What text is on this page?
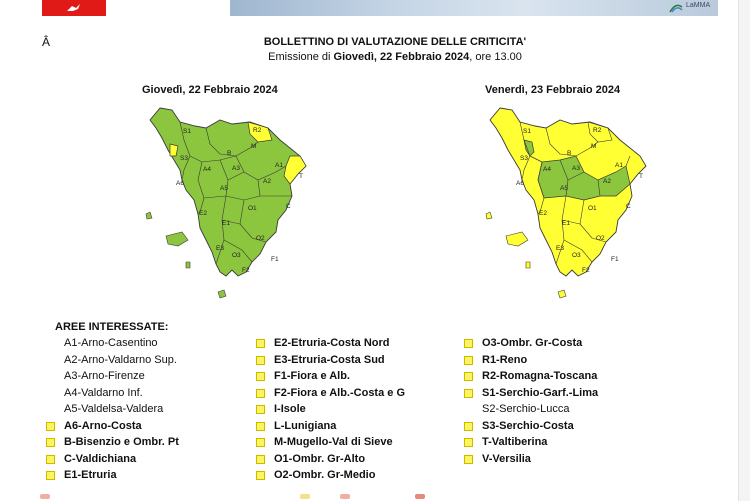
LaMMA
Â	BOLLETTINO DI VALUTAZIONE DELLE CRITICITA'
Emissione di Giovedì, 22 Febbraio 2024, ore 13.00
Giovedì, 22 Febbraio 2024	Venerdì, 23 Febbraio 2024
S1	R2
B
M
S3
A4	A3	A1
A6
A5
A2
T
E2
O1	C
E1
O2
E3
O3
F1
F2
S1	R2
B
M
S3
A4	A3	A1
A6
A5
A2
T
E2
O1	C
E1
O2
E3
O3
F1
F2
AREE INTERESSATE:
A1-Arno-Casentino
A2-Arno-Valdarno Sup.
A3-Arno-Firenze
A4-Valdarno Inf.
A5-Valdelsa-Valdera
A6-Arno-Costa
B-Bisenzio e Ombr. Pt
C-Valdichiana
E1-Etruria
E2-Etruria-Costa Nord
E3-Etruria-Costa Sud
F1-Fiora e Alb.
F2-Fiora e Alb.-Costa e G
I-Isole
L-Lunigiana
M-Mugello-Val di Sieve
O1-Ombr. Gr-Alto
O2-Ombr. Gr-Medio
O3-Ombr. Gr-Costa
R1-Reno
R2-Romagna-Toscana
S1-Serchio-Garf.-Lima
S2-Serchio-Lucca
S3-Serchio-Costa
T-Valtiberina
V-Versilia
